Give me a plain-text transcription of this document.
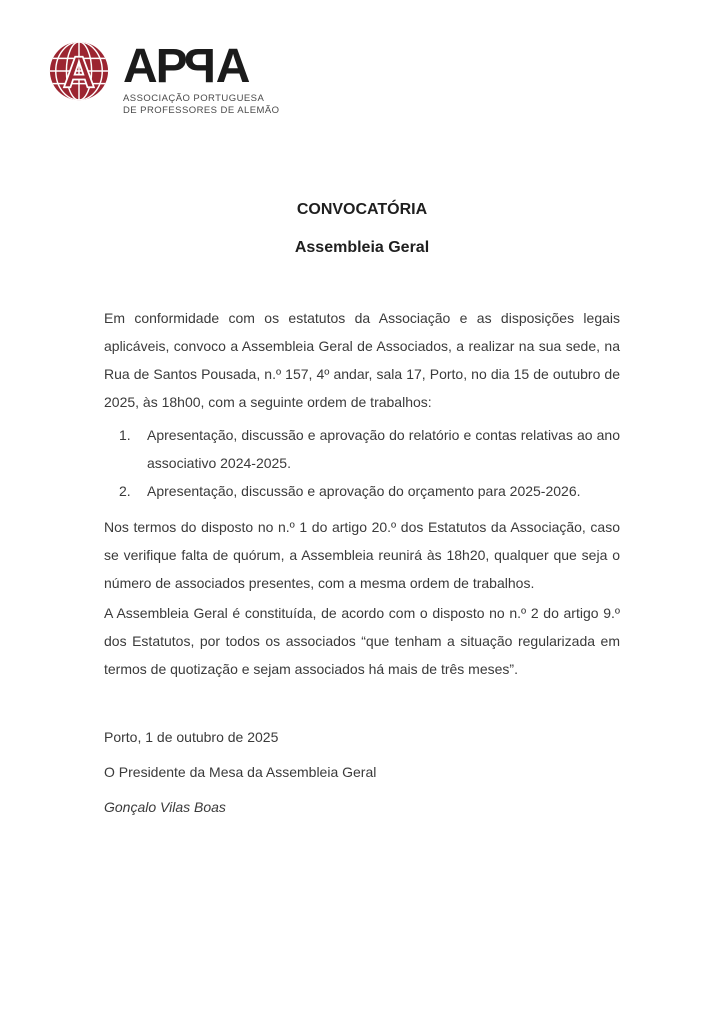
A APPA
ASSOCIAÇÃO PORTUGUESA
DE PROFESSORES DE ALEMÃO
CONVOCATÓRIA
Assembleia Geral

Em conformidade com os estatutos da Associação e as disposições legais aplicáveis, convoco a Assembleia Geral de Associados, a realizar na sua sede, na Rua de Santos Pousada, n.º 157, 4º andar, sala 17, Porto, no dia 15 de outubro de 2025, às 18h00, com a seguinte ordem de trabalhos:

1.	Apresentação, discussão e aprovação do relatório e contas relativas ao ano associativo 2024-2025.

2.	Apresentação, discussão e aprovação do orçamento para 2025-2026.

Nos termos do disposto no n.º 1 do artigo 20.º dos Estatutos da Associação, caso se verifique falta de quórum, a Assembleia reunirá às 18h20, qualquer que seja o número de associados presentes, com a mesma ordem de trabalhos.

A Assembleia Geral é constituída, de acordo com o disposto no n.º 2 do artigo 9.º dos Estatutos, por todos os associados “que tenham a situação regularizada em termos de quotização e sejam associados há mais de três meses”.

Porto, 1 de outubro de 2025

O Presidente da Mesa da Assembleia Geral

Gonçalo Vilas Boas
